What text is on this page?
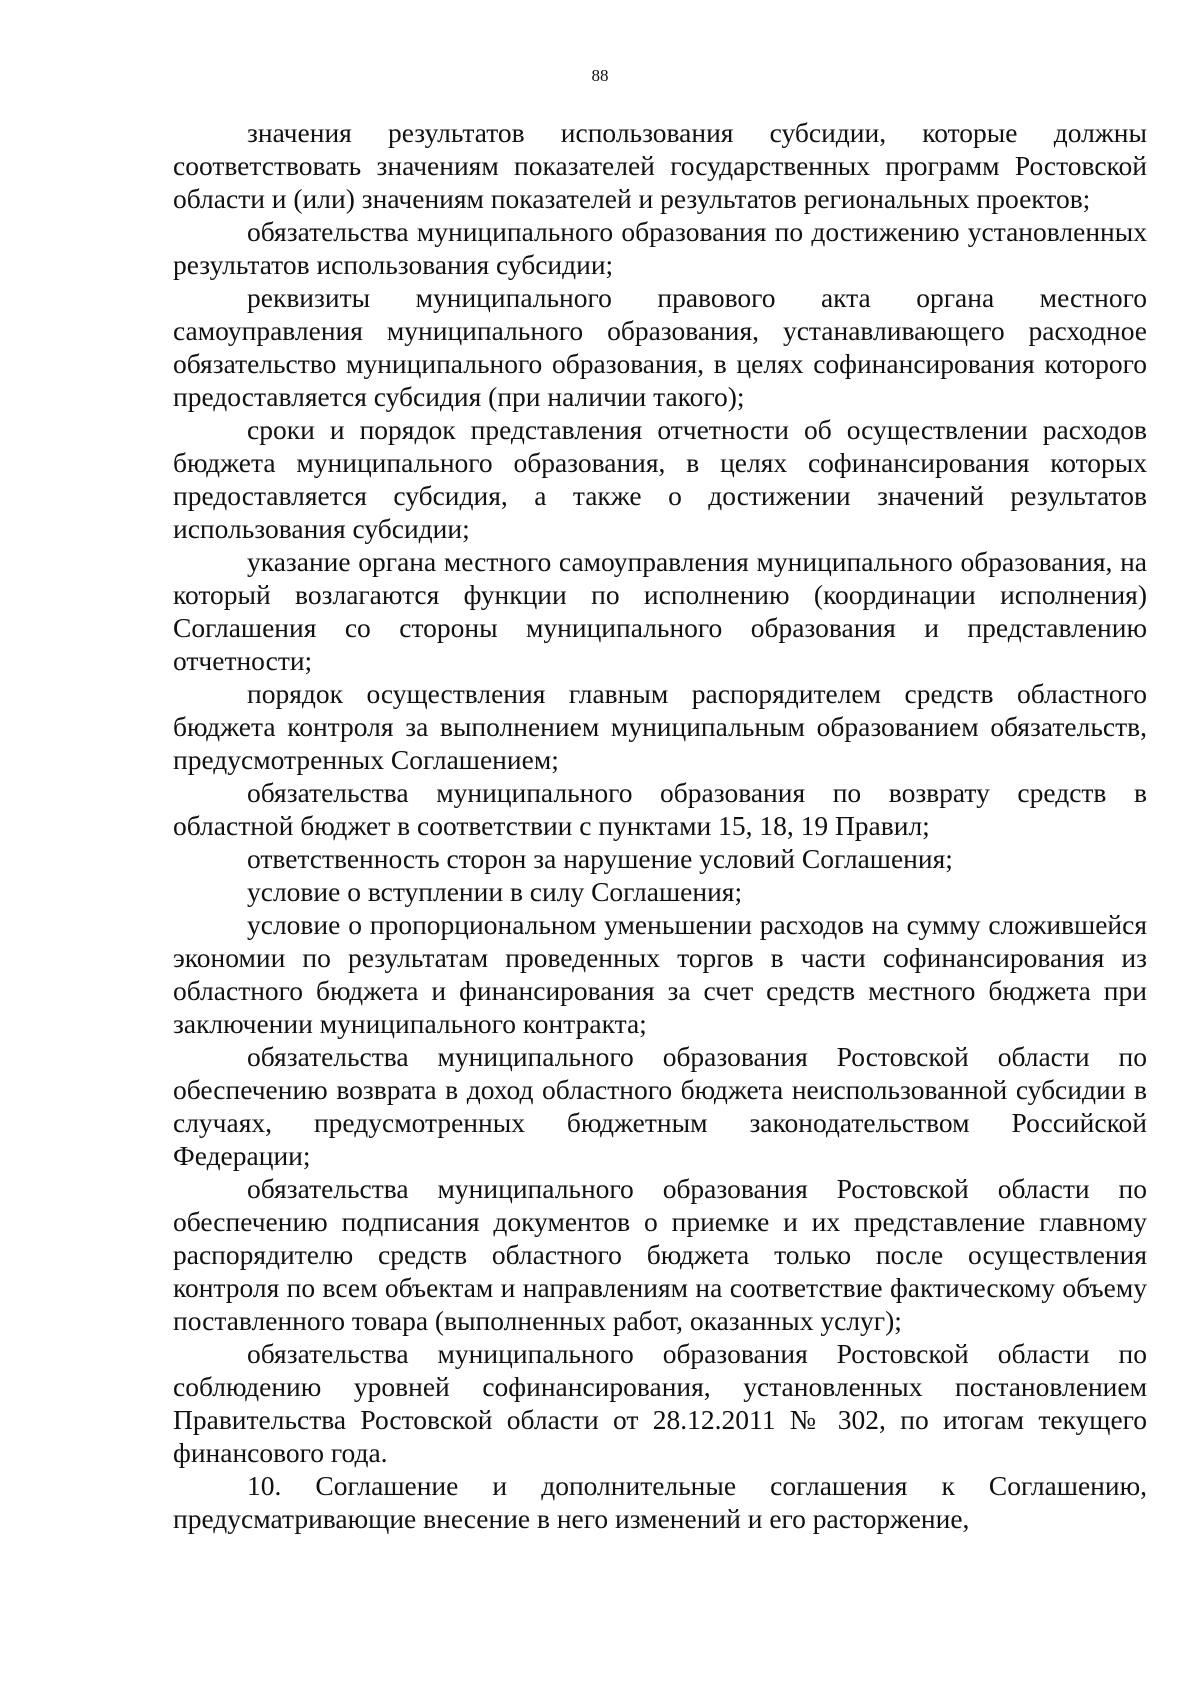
88

значения результатов использования субсидии, которые должны соответствовать значениям показателей государственных программ Ростовской области и (или) значениям показателей и результатов региональных проектов;

обязательства муниципального образования по достижению установленных результатов использования субсидии;

реквизиты муниципального правового акта органа местного самоуправления муниципального образования, устанавливающего расходное обязательство муниципального образования, в целях софинансирования которого предоставляется субсидия (при наличии такого);

сроки и порядок представления отчетности об осуществлении расходов бюджета муниципального образования, в целях софинансирования которых предоставляется субсидия, а также о достижении значений результатов использования субсидии;

указание органа местного самоуправления муниципального образования, на который возлагаются функции по исполнению (координации исполнения) Соглашения со стороны муниципального образования и представлению отчетности;

порядок осуществления главным распорядителем средств областного бюджета контроля за выполнением муниципальным образованием обязательств, предусмотренных Соглашением;

обязательства муниципального образования по возврату средств в областной бюджет в соответствии с пунктами 15, 18, 19 Правил;

ответственность сторон за нарушение условий Соглашения;

условие о вступлении в силу Соглашения;

условие о пропорциональном уменьшении расходов на сумму сложившейся экономии по результатам проведенных торгов в части софинансирования из областного бюджета и финансирования за счет средств местного бюджета при заключении муниципального контракта;

обязательства муниципального образования Ростовской области по обеспечению возврата в доход областного бюджета неиспользованной субсидии в случаях, предусмотренных бюджетным законодательством Российской Федерации;

обязательства муниципального образования Ростовской области по обеспечению подписания документов о приемке и их представление главному распорядителю средств областного бюджета только после осуществления контроля по всем объектам и направлениям на соответствие фактическому объему поставленного товара (выполненных работ, оказанных услуг);

обязательства муниципального образования Ростовской области по соблюдению уровней софинансирования, установленных постановлением Правительства Ростовской области от 28.12.2011 № 302, по итогам текущего финансового года.

10. Соглашение и дополнительные соглашения к Соглашению, предусматривающие внесение в него изменений и его расторжение,
